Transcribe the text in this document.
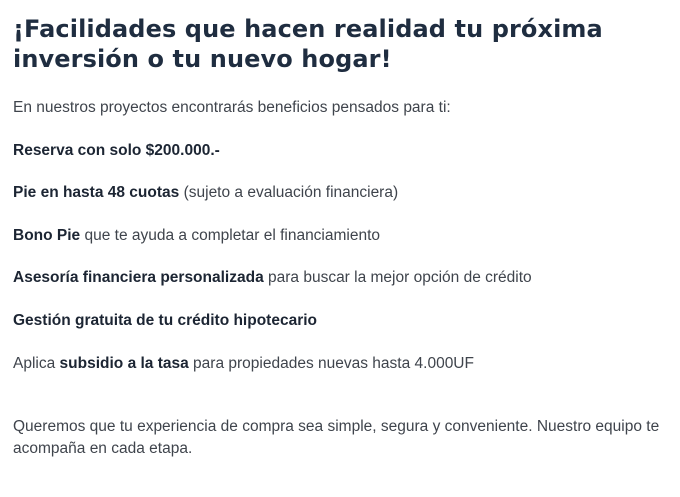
¡Facilidades que hacen realidad tu próxima
inversión o tu nuevo hogar!

En nuestros proyectos encontrarás beneficios pensados para ti:

Reserva con solo $200.000.-

Pie en hasta 48 cuotas (sujeto a evaluación financiera)

Bono Pie que te ayuda a completar el financiamiento

Asesoría financiera personalizada para buscar la mejor opción de crédito

Gestión gratuita de tu crédito hipotecario

Aplica subsidio a la tasa para propiedades nuevas hasta 4.000UF

Queremos que tu experiencia de compra sea simple, segura y conveniente. Nuestro equipo te acompaña en cada etapa.
